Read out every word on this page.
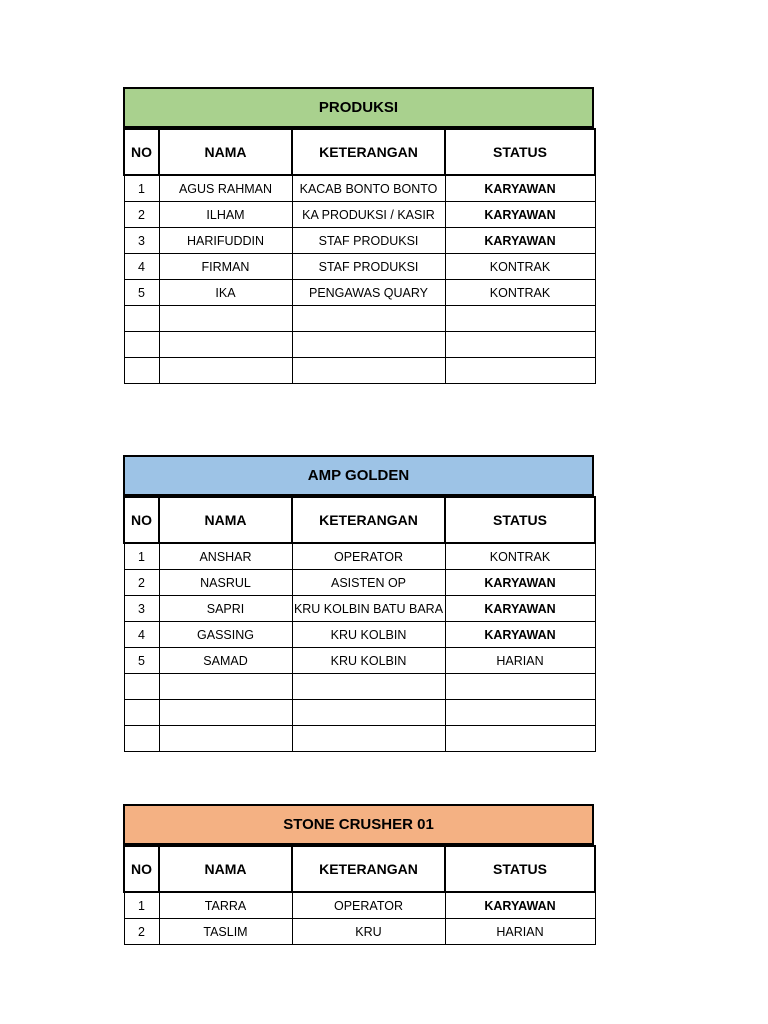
PRODUKSI
NO	NAMA	KETERANGAN	STATUS
1	AGUS RAHMAN	KACAB BONTO BONTO	KARYAWAN
2	ILHAM	KA PRODUKSI / KASIR	KARYAWAN
3	HARIFUDDIN	STAF PRODUKSI	KARYAWAN
4	FIRMAN	STAF PRODUKSI	KONTRAK
5	IKA	PENGAWAS QUARY	KONTRAK

AMP GOLDEN
NO	NAMA	KETERANGAN	STATUS
1	ANSHAR	OPERATOR	KONTRAK
2	NASRUL	ASISTEN OP	KARYAWAN
3	SAPRI	KRU KOLBIN BATU BARA	KARYAWAN
4	GASSING	KRU KOLBIN	KARYAWAN
5	SAMAD	KRU KOLBIN	HARIAN

STONE CRUSHER 01
NO	NAMA	KETERANGAN	STATUS
1	TARRA	OPERATOR	KARYAWAN
2	TASLIM	KRU	HARIAN
